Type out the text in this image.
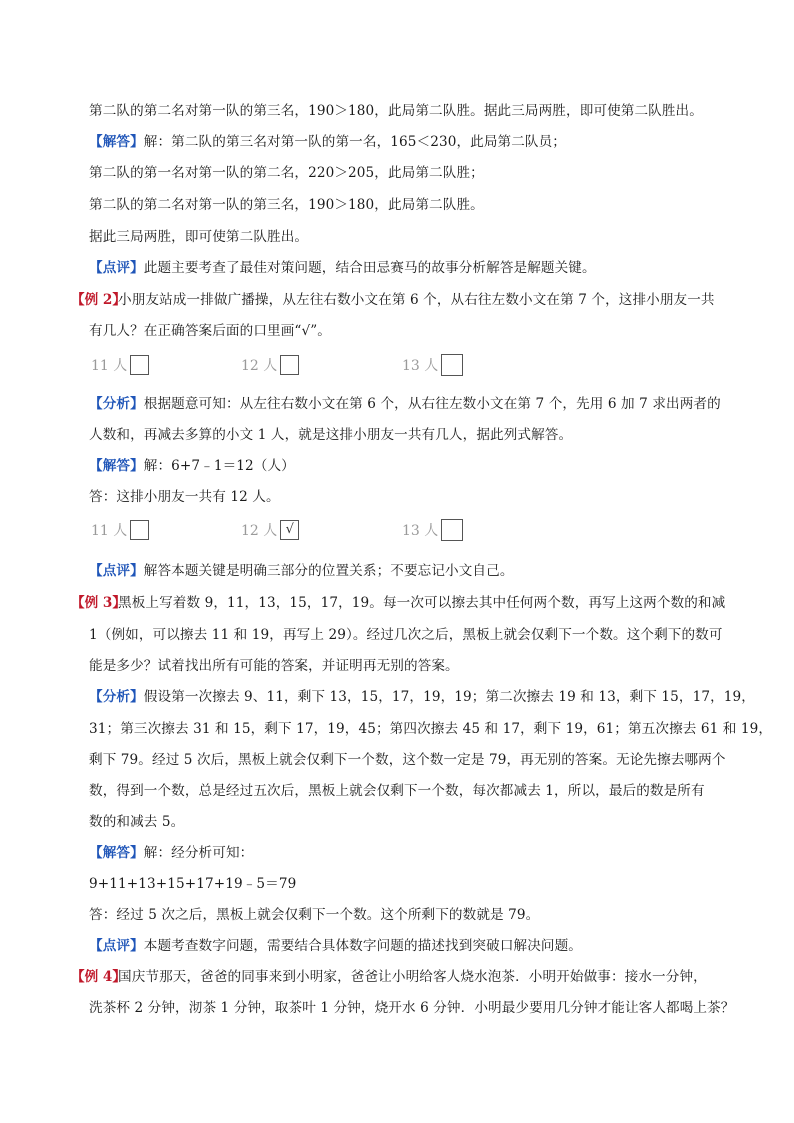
第二队的第二名对第一队的第三名，190＞180，此局第二队胜。据此三局两胜，即可使第二队胜出。
【解答】解：第二队的第三名对第一队的第一名，165＜230，此局第二队员；
第二队的第一名对第一队的第二名，220＞205，此局第二队胜；
第二队的第二名对第一队的第三名，190＞180，此局第二队胜。
据此三局两胜，即可使第二队胜出。
【点评】此题主要考查了最佳对策问题，结合田忌赛马的故事分析解答是解题关键。
【例 2】
小朋友站成一排做广播操，从左往右数小文在第 6 个，从右往左数小文在第 7 个，这排小朋友一共
有几人？在正确答案后面的口里画“√”。
11 人	12 人	13 人
【分析】根据题意可知：从左往右数小文在第 6 个，从右往左数小文在第 7 个，先用 6 加 7 求出两者的
人数和，再减去多算的小文 1 人，就是这排小朋友一共有几人，据此列式解答。
【解答】解：6+7﹣1＝12（人）
答：这排小朋友一共有 12 人。
11 人	12 人 √	13 人
【点评】解答本题关键是明确三部分的位置关系；不要忘记小文自己。
【例 3】
黑板上写着数 9，11，13，15，17，19。每一次可以擦去其中任何两个数，再写上这两个数的和减
1（例如，可以擦去 11 和 19，再写上 29）。经过几次之后，黑板上就会仅剩下一个数。这个剩下的数可
能是多少？试着找出所有可能的答案，并证明再无别的答案。
【分析】假设第一次擦去 9、11，剩下 13，15，17，19，19；第二次擦去 19 和 13，剩下 15，17，19，
31；第三次擦去 31 和 15，剩下 17，19，45；第四次擦去 45 和 17，剩下 19，61；第五次擦去 61 和 19，
剩下 79。经过 5 次后，黑板上就会仅剩下一个数，这个数一定是 79，再无别的答案。无论先擦去哪两个
数，得到一个数，总是经过五次后，黑板上就会仅剩下一个数，每次都减去 1，所以，最后的数是所有
数的和减去 5。
【解答】解：经分析可知：
9+11+13+15+17+19﹣5＝79
答：经过 5 次之后，黑板上就会仅剩下一个数。这个所剩下的数就是 79。
【点评】本题考查数字问题，需要结合具体数字问题的描述找到突破口解决问题。
【例 4】
国庆节那天，爸爸的同事来到小明家，爸爸让小明给客人烧水泡茶．小明开始做事：接水一分钟，
洗茶杯 2 分钟，沏茶 1 分钟，取茶叶 1 分钟，烧开水 6 分钟．小明最少要用几分钟才能让客人都喝上茶？
